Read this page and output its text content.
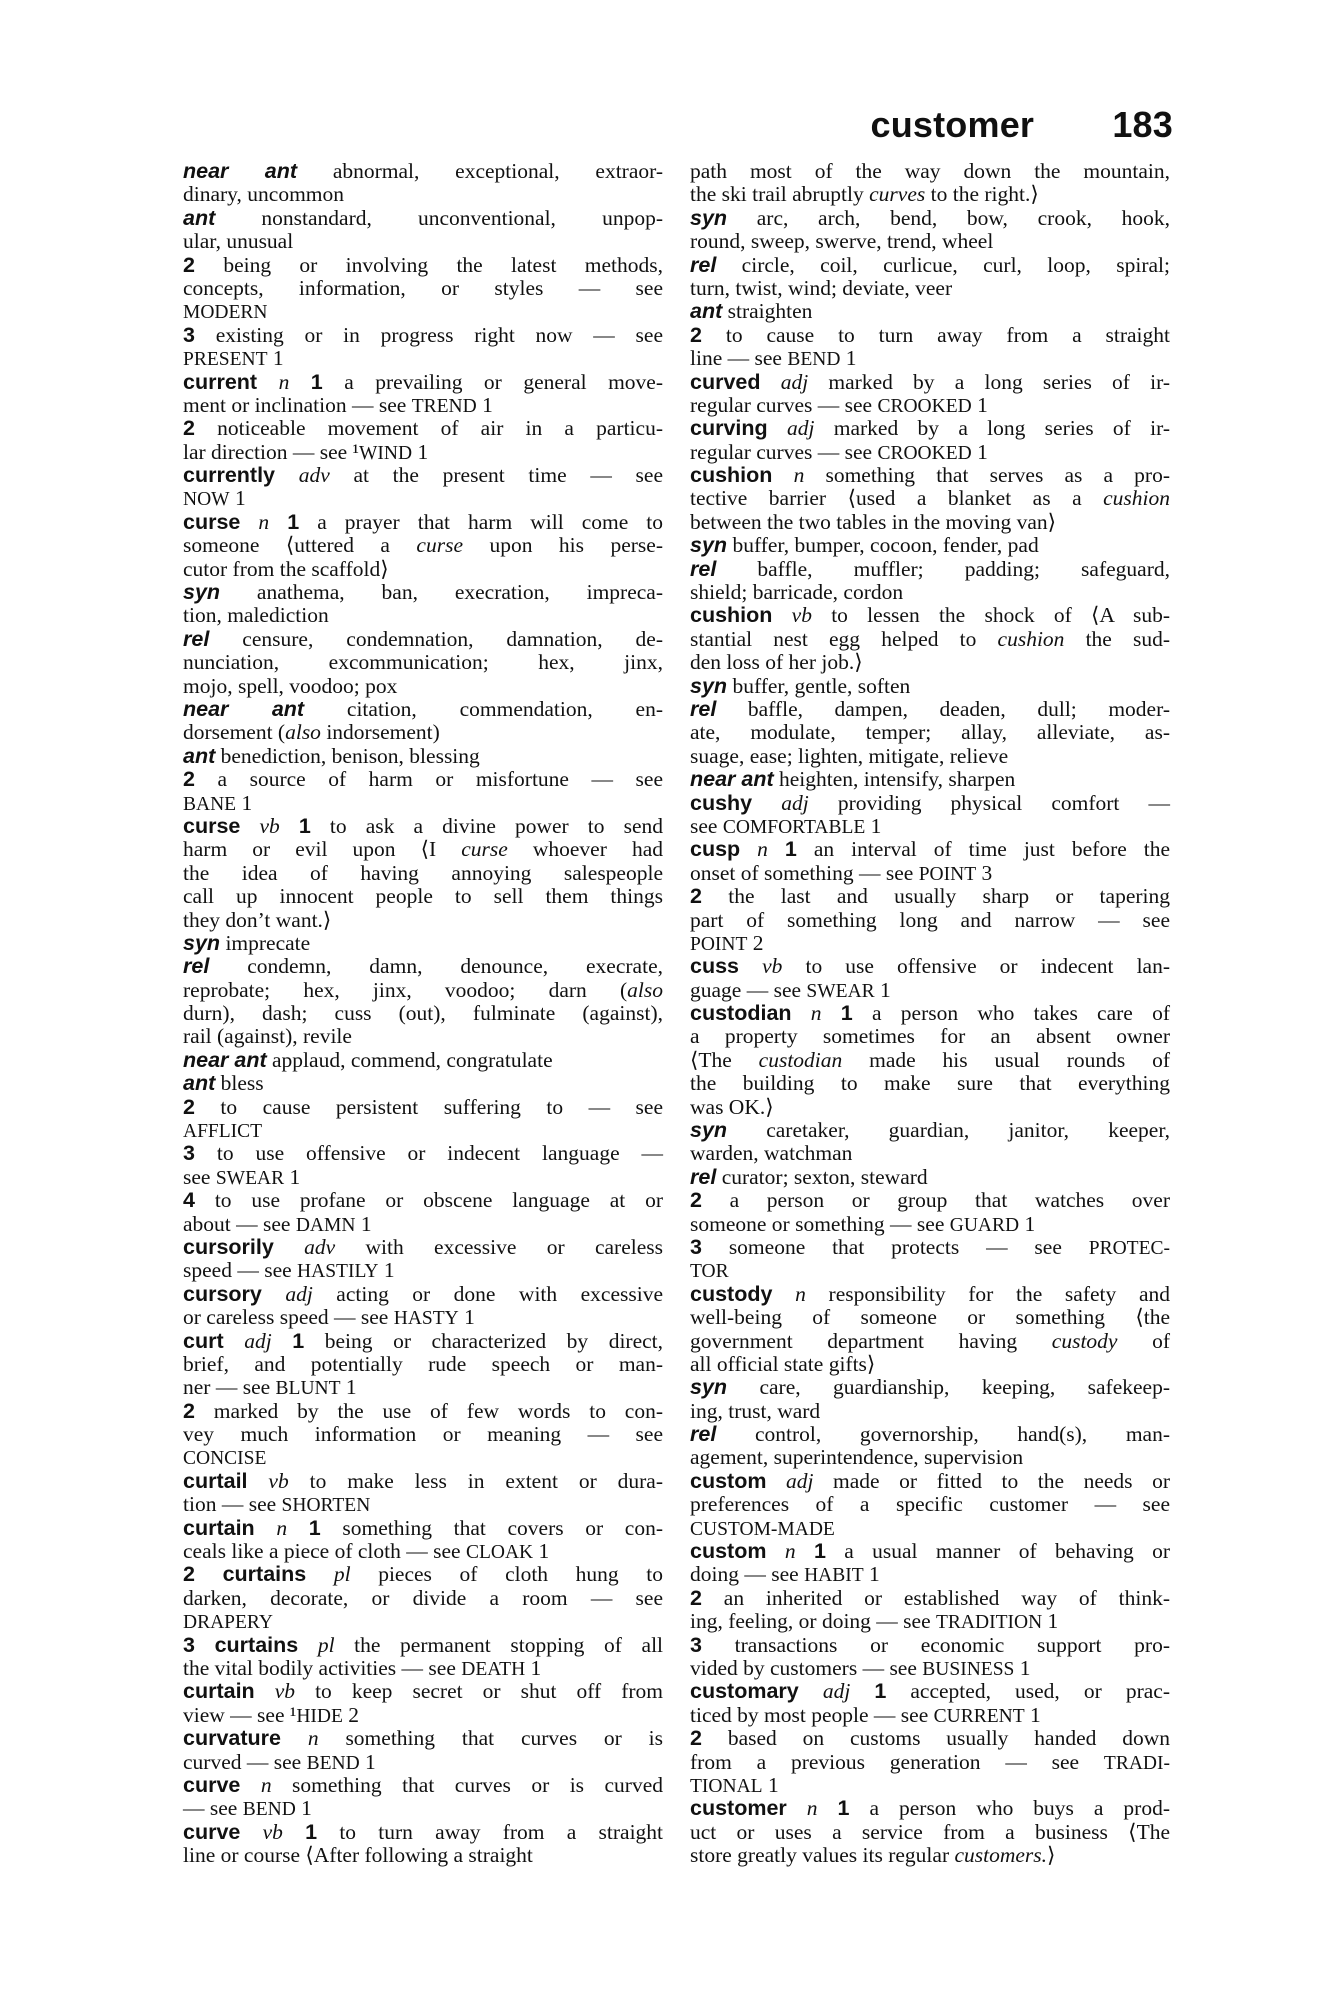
customer 183
near ant abnormal, exceptional, extraor-
dinary, uncommon
ant nonstandard, unconventional, unpop-
ular, unusual
2 being or involving the latest methods,
concepts, information, or styles — see
MODERN
3 existing or in progress right now — see
PRESENT 1
current n 1 a prevailing or general move-
ment or inclination — see TREND 1
2 noticeable movement of air in a particu-
lar direction — see ¹WIND 1
currently adv at the present time — see
NOW 1
curse n 1 a prayer that harm will come to
someone ⟨uttered a curse upon his perse-
cutor from the scaffold⟩
syn anathema, ban, execration, impreca-
tion, malediction
rel censure, condemnation, damnation, de-
nunciation, excommunication; hex, jinx,
mojo, spell, voodoo; pox
near ant citation, commendation, en-
dorsement (also indorsement)
ant benediction, benison, blessing
2 a source of harm or misfortune — see
BANE 1
curse vb 1 to ask a divine power to send
harm or evil upon ⟨I curse whoever had
the idea of having annoying salespeople
call up innocent people to sell them things
they don’t want.⟩
syn imprecate
rel condemn, damn, denounce, execrate,
reprobate; hex, jinx, voodoo; darn (also
durn), dash; cuss (out), fulminate (against),
rail (against), revile
near ant applaud, commend, congratulate
ant bless
2 to cause persistent suffering to — see
AFFLICT
3 to use offensive or indecent language —
see SWEAR 1
4 to use profane or obscene language at or
about — see DAMN 1
cursorily adv with excessive or careless
speed — see HASTILY 1
cursory adj acting or done with excessive
or careless speed — see HASTY 1
curt adj 1 being or characterized by direct,
brief, and potentially rude speech or man-
ner — see BLUNT 1
2 marked by the use of few words to con-
vey much information or meaning — see
CONCISE
curtail vb to make less in extent or dura-
tion — see SHORTEN
curtain n 1 something that covers or con-
ceals like a piece of cloth — see CLOAK 1
2 curtains pl pieces of cloth hung to
darken, decorate, or divide a room — see
DRAPERY
3 curtains pl the permanent stopping of all
the vital bodily activities — see DEATH 1
curtain vb to keep secret or shut off from
view — see ¹HIDE 2
curvature n something that curves or is
curved — see BEND 1
curve n something that curves or is curved
— see BEND 1
curve vb 1 to turn away from a straight
line or course ⟨After following a straight
path most of the way down the mountain,
the ski trail abruptly curves to the right.⟩
syn arc, arch, bend, bow, crook, hook,
round, sweep, swerve, trend, wheel
rel circle, coil, curlicue, curl, loop, spiral;
turn, twist, wind; deviate, veer
ant straighten
2 to cause to turn away from a straight
line — see BEND 1
curved adj marked by a long series of ir-
regular curves — see CROOKED 1
curving adj marked by a long series of ir-
regular curves — see CROOKED 1
cushion n something that serves as a pro-
tective barrier ⟨used a blanket as a cushion
between the two tables in the moving van⟩
syn buffer, bumper, cocoon, fender, pad
rel baffle, muffler; padding; safeguard,
shield; barricade, cordon
cushion vb to lessen the shock of ⟨A sub-
stantial nest egg helped to cushion the sud-
den loss of her job.⟩
syn buffer, gentle, soften
rel baffle, dampen, deaden, dull; moder-
ate, modulate, temper; allay, alleviate, as-
suage, ease; lighten, mitigate, relieve
near ant heighten, intensify, sharpen
cushy adj providing physical comfort —
see COMFORTABLE 1
cusp n 1 an interval of time just before the
onset of something — see POINT 3
2 the last and usually sharp or tapering
part of something long and narrow — see
POINT 2
cuss vb to use offensive or indecent lan-
guage — see SWEAR 1
custodian n 1 a person who takes care of
a property sometimes for an absent owner
⟨The custodian made his usual rounds of
the building to make sure that everything
was OK.⟩
syn caretaker, guardian, janitor, keeper,
warden, watchman
rel curator; sexton, steward
2 a person or group that watches over
someone or something — see GUARD 1
3 someone that protects — see PROTEC-
TOR
custody n responsibility for the safety and
well-being of someone or something ⟨the
government department having custody of
all official state gifts⟩
syn care, guardianship, keeping, safekeep-
ing, trust, ward
rel control, governorship, hand(s), man-
agement, superintendence, supervision
custom adj made or fitted to the needs or
preferences of a specific customer — see
CUSTOM-MADE
custom n 1 a usual manner of behaving or
doing — see HABIT 1
2 an inherited or established way of think-
ing, feeling, or doing — see TRADITION 1
3 transactions or economic support pro-
vided by customers — see BUSINESS 1
customary adj 1 accepted, used, or prac-
ticed by most people — see CURRENT 1
2 based on customs usually handed down
from a previous generation — see TRADI-
TIONAL 1
customer n 1 a person who buys a prod-
uct or uses a service from a business ⟨The
store greatly values its regular customers.⟩
